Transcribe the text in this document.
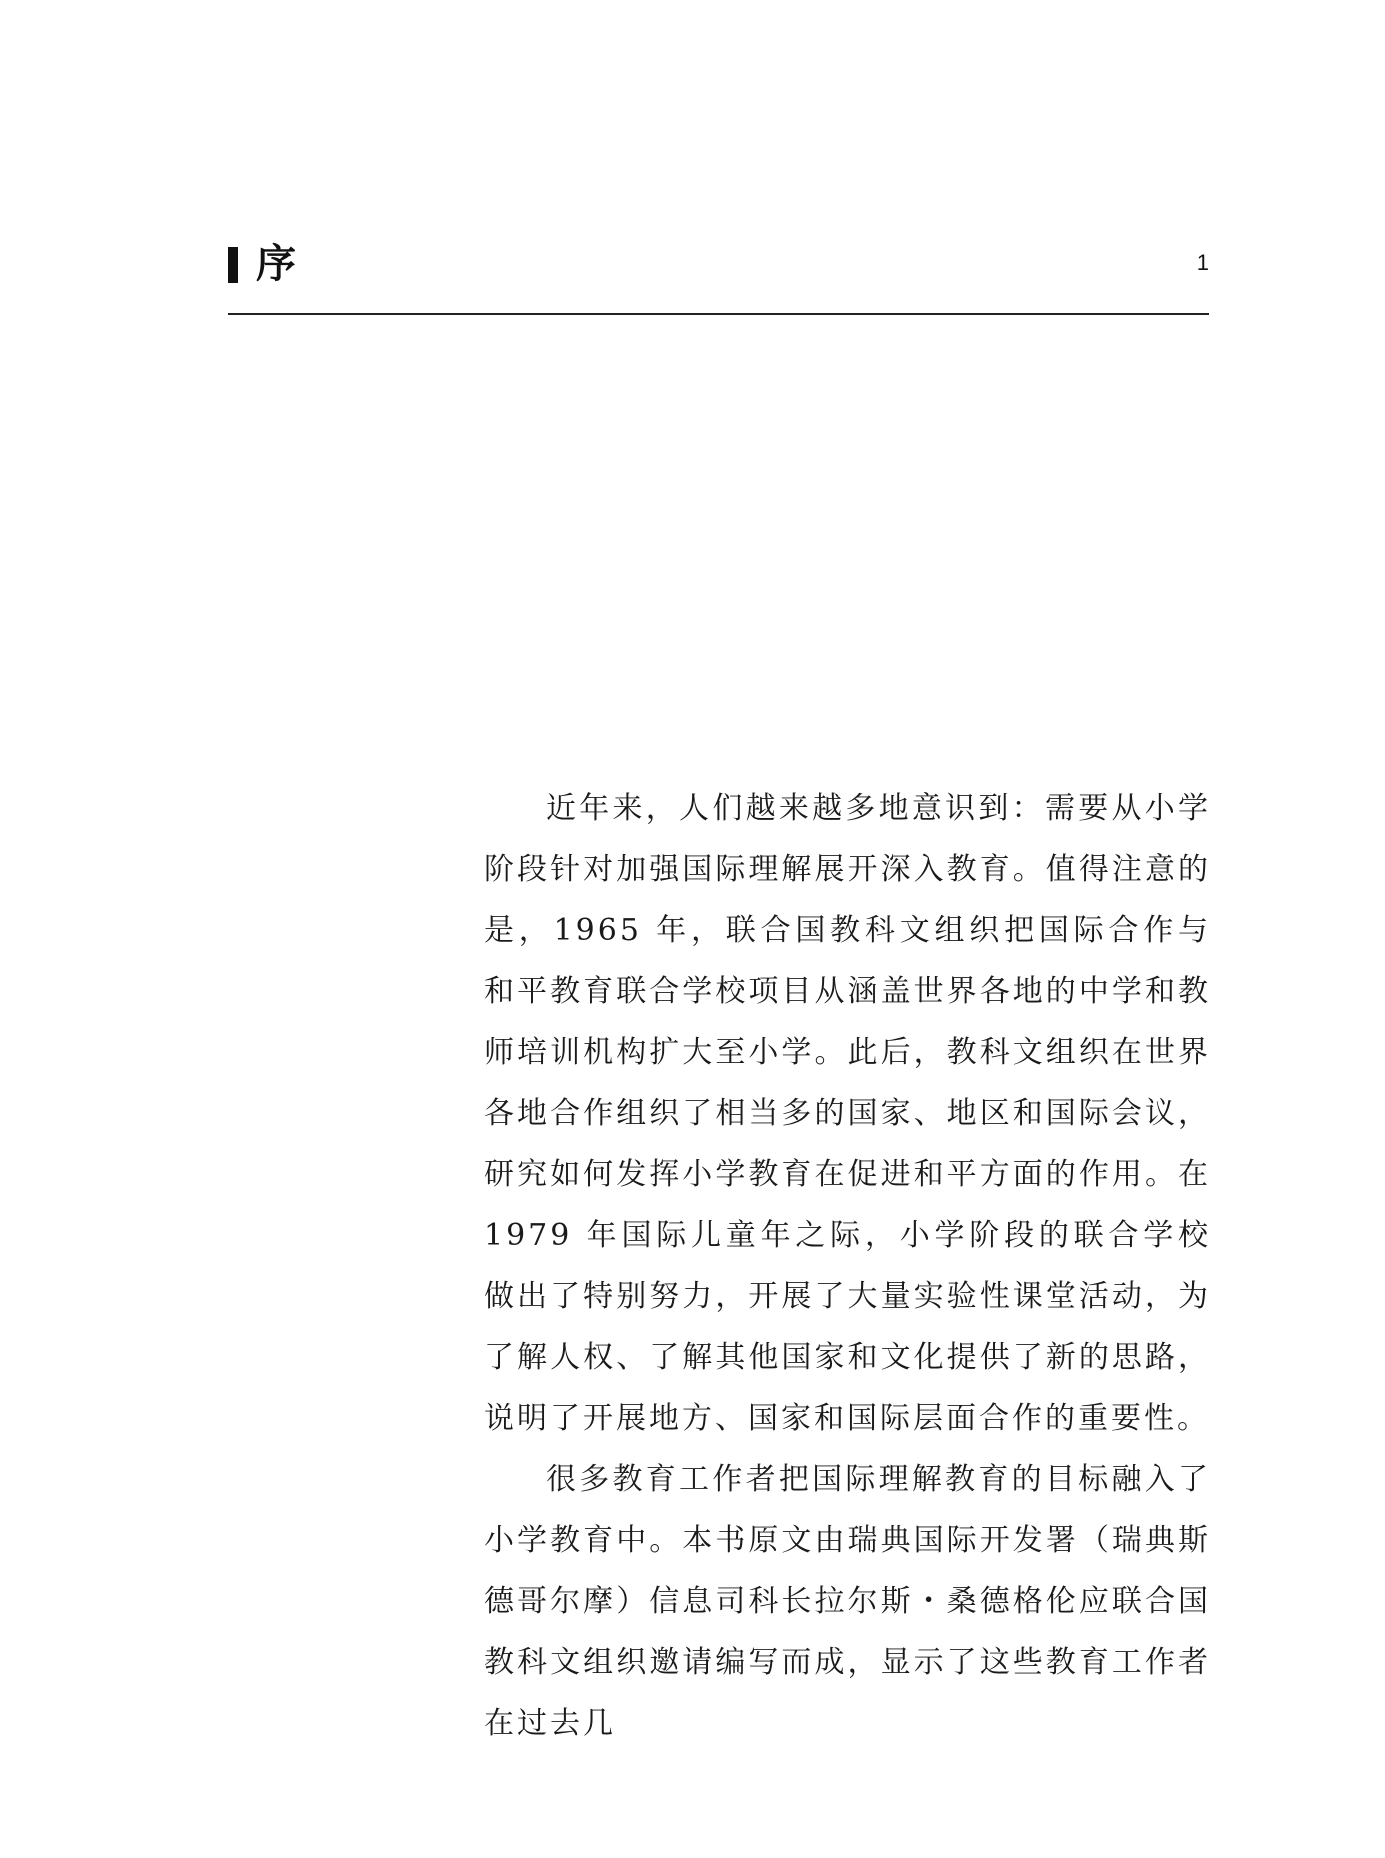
序	1

近年来，人们越来越多地意识到：需要从小学阶段针对加强国际理解展开深入教育。值得注意的是，1965 年，联合国教科文组织把国际合作与和平教育联合学校项目从涵盖世界各地的中学和教师培训机构扩大至小学。此后，教科文组织在世界各地合作组织了相当多的国家、地区和国际会议，研究如何发挥小学教育在促进和平方面的作用。在 1979 年国际儿童年之际，小学阶段的联合学校做出了特别努力，开展了大量实验性课堂活动，为了解人权、了解其他国家和文化提供了新的思路，说明了开展地方、国家和国际层面合作的重要性。

很多教育工作者把国际理解教育的目标融入了小学教育中。本书原文由瑞典国际开发署（瑞典斯德哥尔摩）信息司科长拉尔斯・桑德格伦应联合国教科文组织邀请编写而成，显示了这些教育工作者在过去几
